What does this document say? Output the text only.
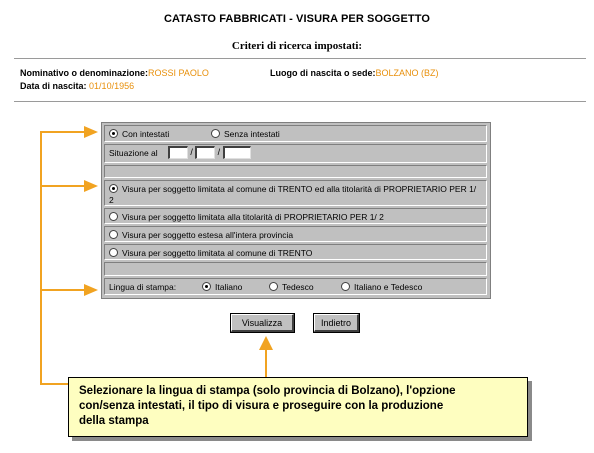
CATASTO FABBRICATI - VISURA PER SOGGETTO
Criteri di ricerca impostati:
Nominativo o denominazione:ROSSI PAOLO	Luogo di nascita o sede:BOLZANO (BZ)
Data di nascita: 01/10/1956
Con intestati	Senza intestati
Situazione al	/	/
Visura per soggetto limitata al comune di TRENTO ed alla titolarità di PROPRIETARIO PER 1/ 2
Visura per soggetto limitata alla titolarità di PROPRIETARIO PER 1/ 2
Visura per soggetto estesa all'intera provincia
Visura per soggetto limitata al comune di TRENTO
Lingua di stampa:	Italiano	Tedesco	Italiano e Tedesco
Visualizza	Indietro
Selezionare la lingua di stampa (solo provincia di Bolzano), l'opzione
con/senza intestati, il tipo di visura e proseguire con la produzione
della stampa
